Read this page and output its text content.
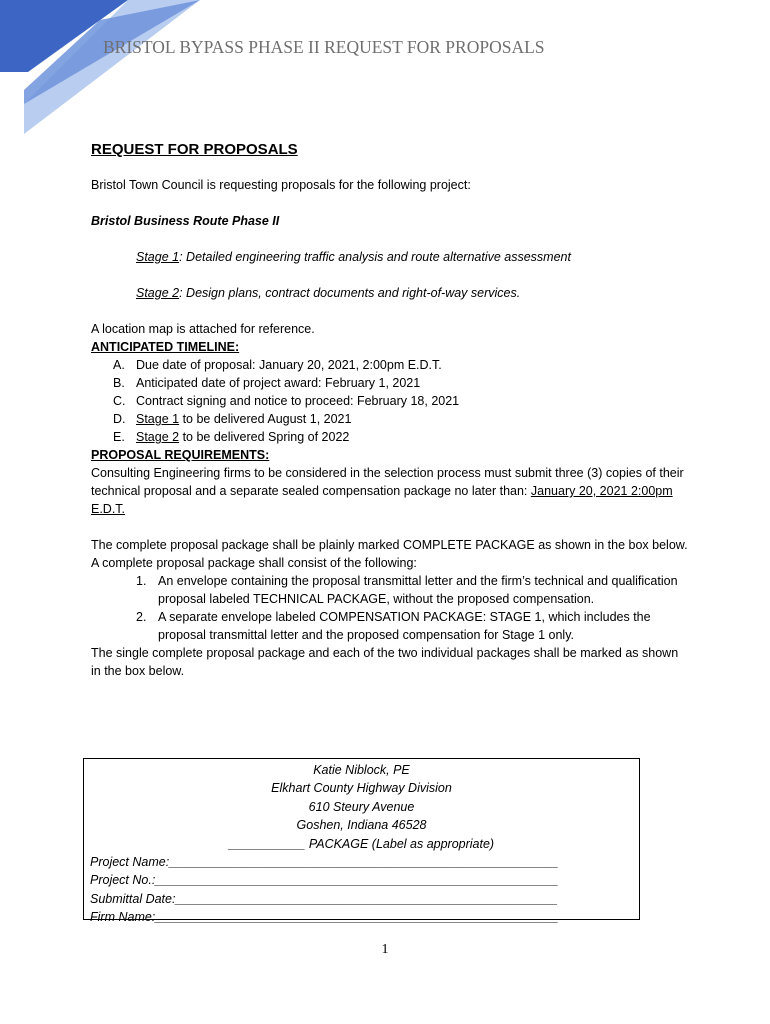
BRISTOL BYPASS PHASE II REQUEST FOR PROPOSALS
REQUEST FOR PROPOSALS

Bristol Town Council is requesting proposals for the following project:

Bristol Business Route Phase II

Stage 1: Detailed engineering traffic analysis and route alternative assessment

Stage 2: Design plans, contract documents and right-of-way services.

A location map is attached for reference.

ANTICIPATED TIMELINE:

A. Due date of proposal: January 20, 2021, 2:00pm E.D.T.
B. Anticipated date of project award: February 1, 2021
C. Contract signing and notice to proceed: February 18, 2021
D. Stage 1 to be delivered August 1, 2021
E. Stage 2 to be delivered Spring of 2022

PROPOSAL REQUIREMENTS:

Consulting Engineering firms to be considered in the selection process must submit three (3) copies of their technical proposal and a separate sealed compensation package no later than: January 20, 2021 2:00pm E.D.T.

The complete proposal package shall be plainly marked COMPLETE PACKAGE as shown in the box below. A complete proposal package shall consist of the following:

1. An envelope containing the proposal transmittal letter and the firm’s technical and qualification proposal labeled TECHNICAL PACKAGE, without the proposed compensation.
2. A separate envelope labeled COMPENSATION PACKAGE: STAGE 1, which includes the proposal transmittal letter and the proposed compensation for Stage 1 only.

The single complete proposal package and each of the two individual packages shall be marked as shown in the box below.

Katie Niblock, PE
Elkhart County Highway Division
610 Steury Avenue
Goshen, Indiana 46528
___________ PACKAGE (Label as appropriate)
Project Name:________________________________________________________
Project No.:__________________________________________________________
Submittal Date:_______________________________________________________
Firm Name:__________________________________________________________
1
